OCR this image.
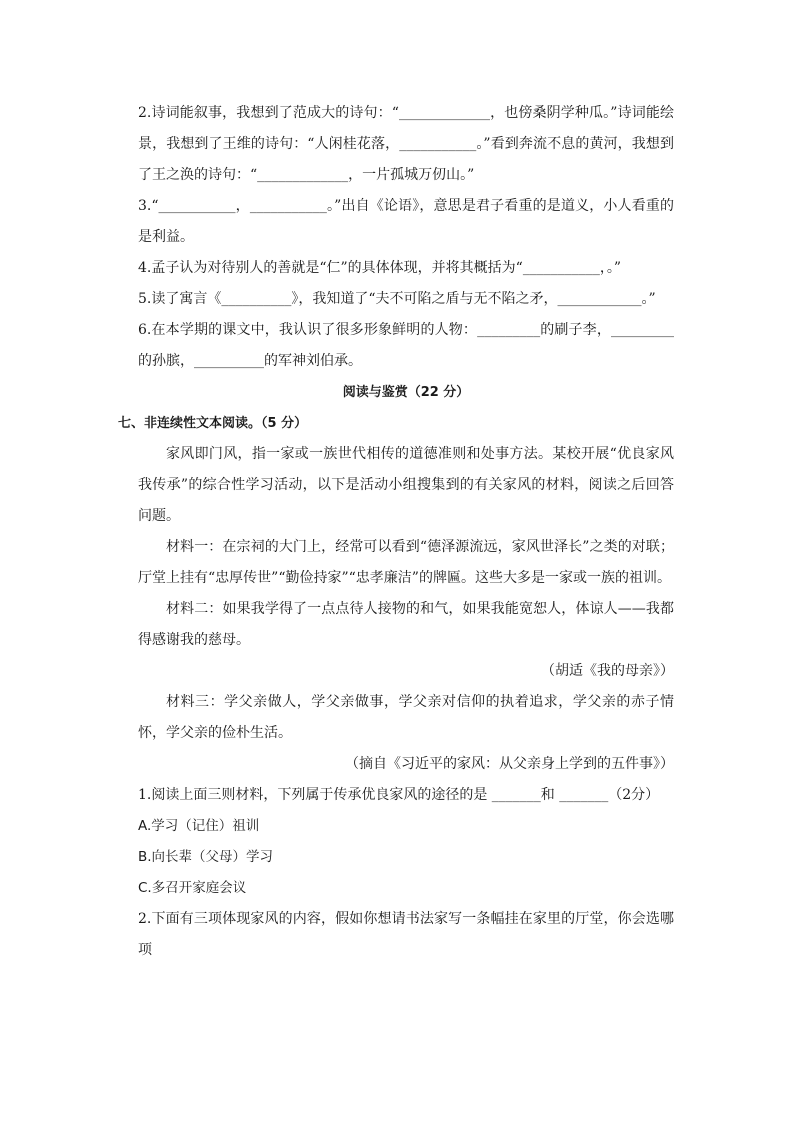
2.诗词能叙事，我想到了范成大的诗句：“_____________，也傍桑阴学种瓜。”诗词能绘景，我想到了王维的诗句：“人闲桂花落，___________。”看到奔流不息的黄河，我想到了王之涣的诗句：“_____________，一片孤城万仞山。”

3.“___________，___________。”出自《论语》，意思是君子看重的是道义，小人看重的是利益。

4.孟子认为对待别人的善就是“仁”的具体体现，并将其概括为“___________，。”

5.读了寓言《__________》，我知道了“夫不可陷之盾与无不陷之矛，____________。”

6.在本学期的课文中，我认识了很多形象鲜明的人物：_________的刷子李，_________的孙膑，__________的军神刘伯承。

阅读与鉴赏（22 分）

七、非连续性文本阅读。（5 分）

家风即门风，指一家或一族世代相传的道德准则和处事方法。某校开展“优良家风我传承”的综合性学习活动，以下是活动小组搜集到的有关家风的材料，阅读之后回答问题。

材料一：在宗祠的大门上，经常可以看到“德泽源流远，家风世泽长”之类的对联；厅堂上挂有“忠厚传世”“勤俭持家”“忠孝廉洁”的牌匾。这些大多是一家或一族的祖训。

材料二：如果我学得了一点点待人接物的和气，如果我能宽恕人，体谅人——我都得感谢我的慈母。

（胡适《我的母亲》）

材料三：学父亲做人，学父亲做事，学父亲对信仰的执着追求，学父亲的赤子情怀，学父亲的俭朴生活。

（摘自《习近平的家风：从父亲身上学到的五件事》）

1.阅读上面三则材料，下列属于传承优良家风的途径的是 _______和 _______（2分）

A.学习（记住）祖训

B.向长辈（父母）学习

C.多召开家庭会议

2.下面有三项体现家风的内容，假如你想请书法家写一条幅挂在家里的厅堂，你会选哪项
